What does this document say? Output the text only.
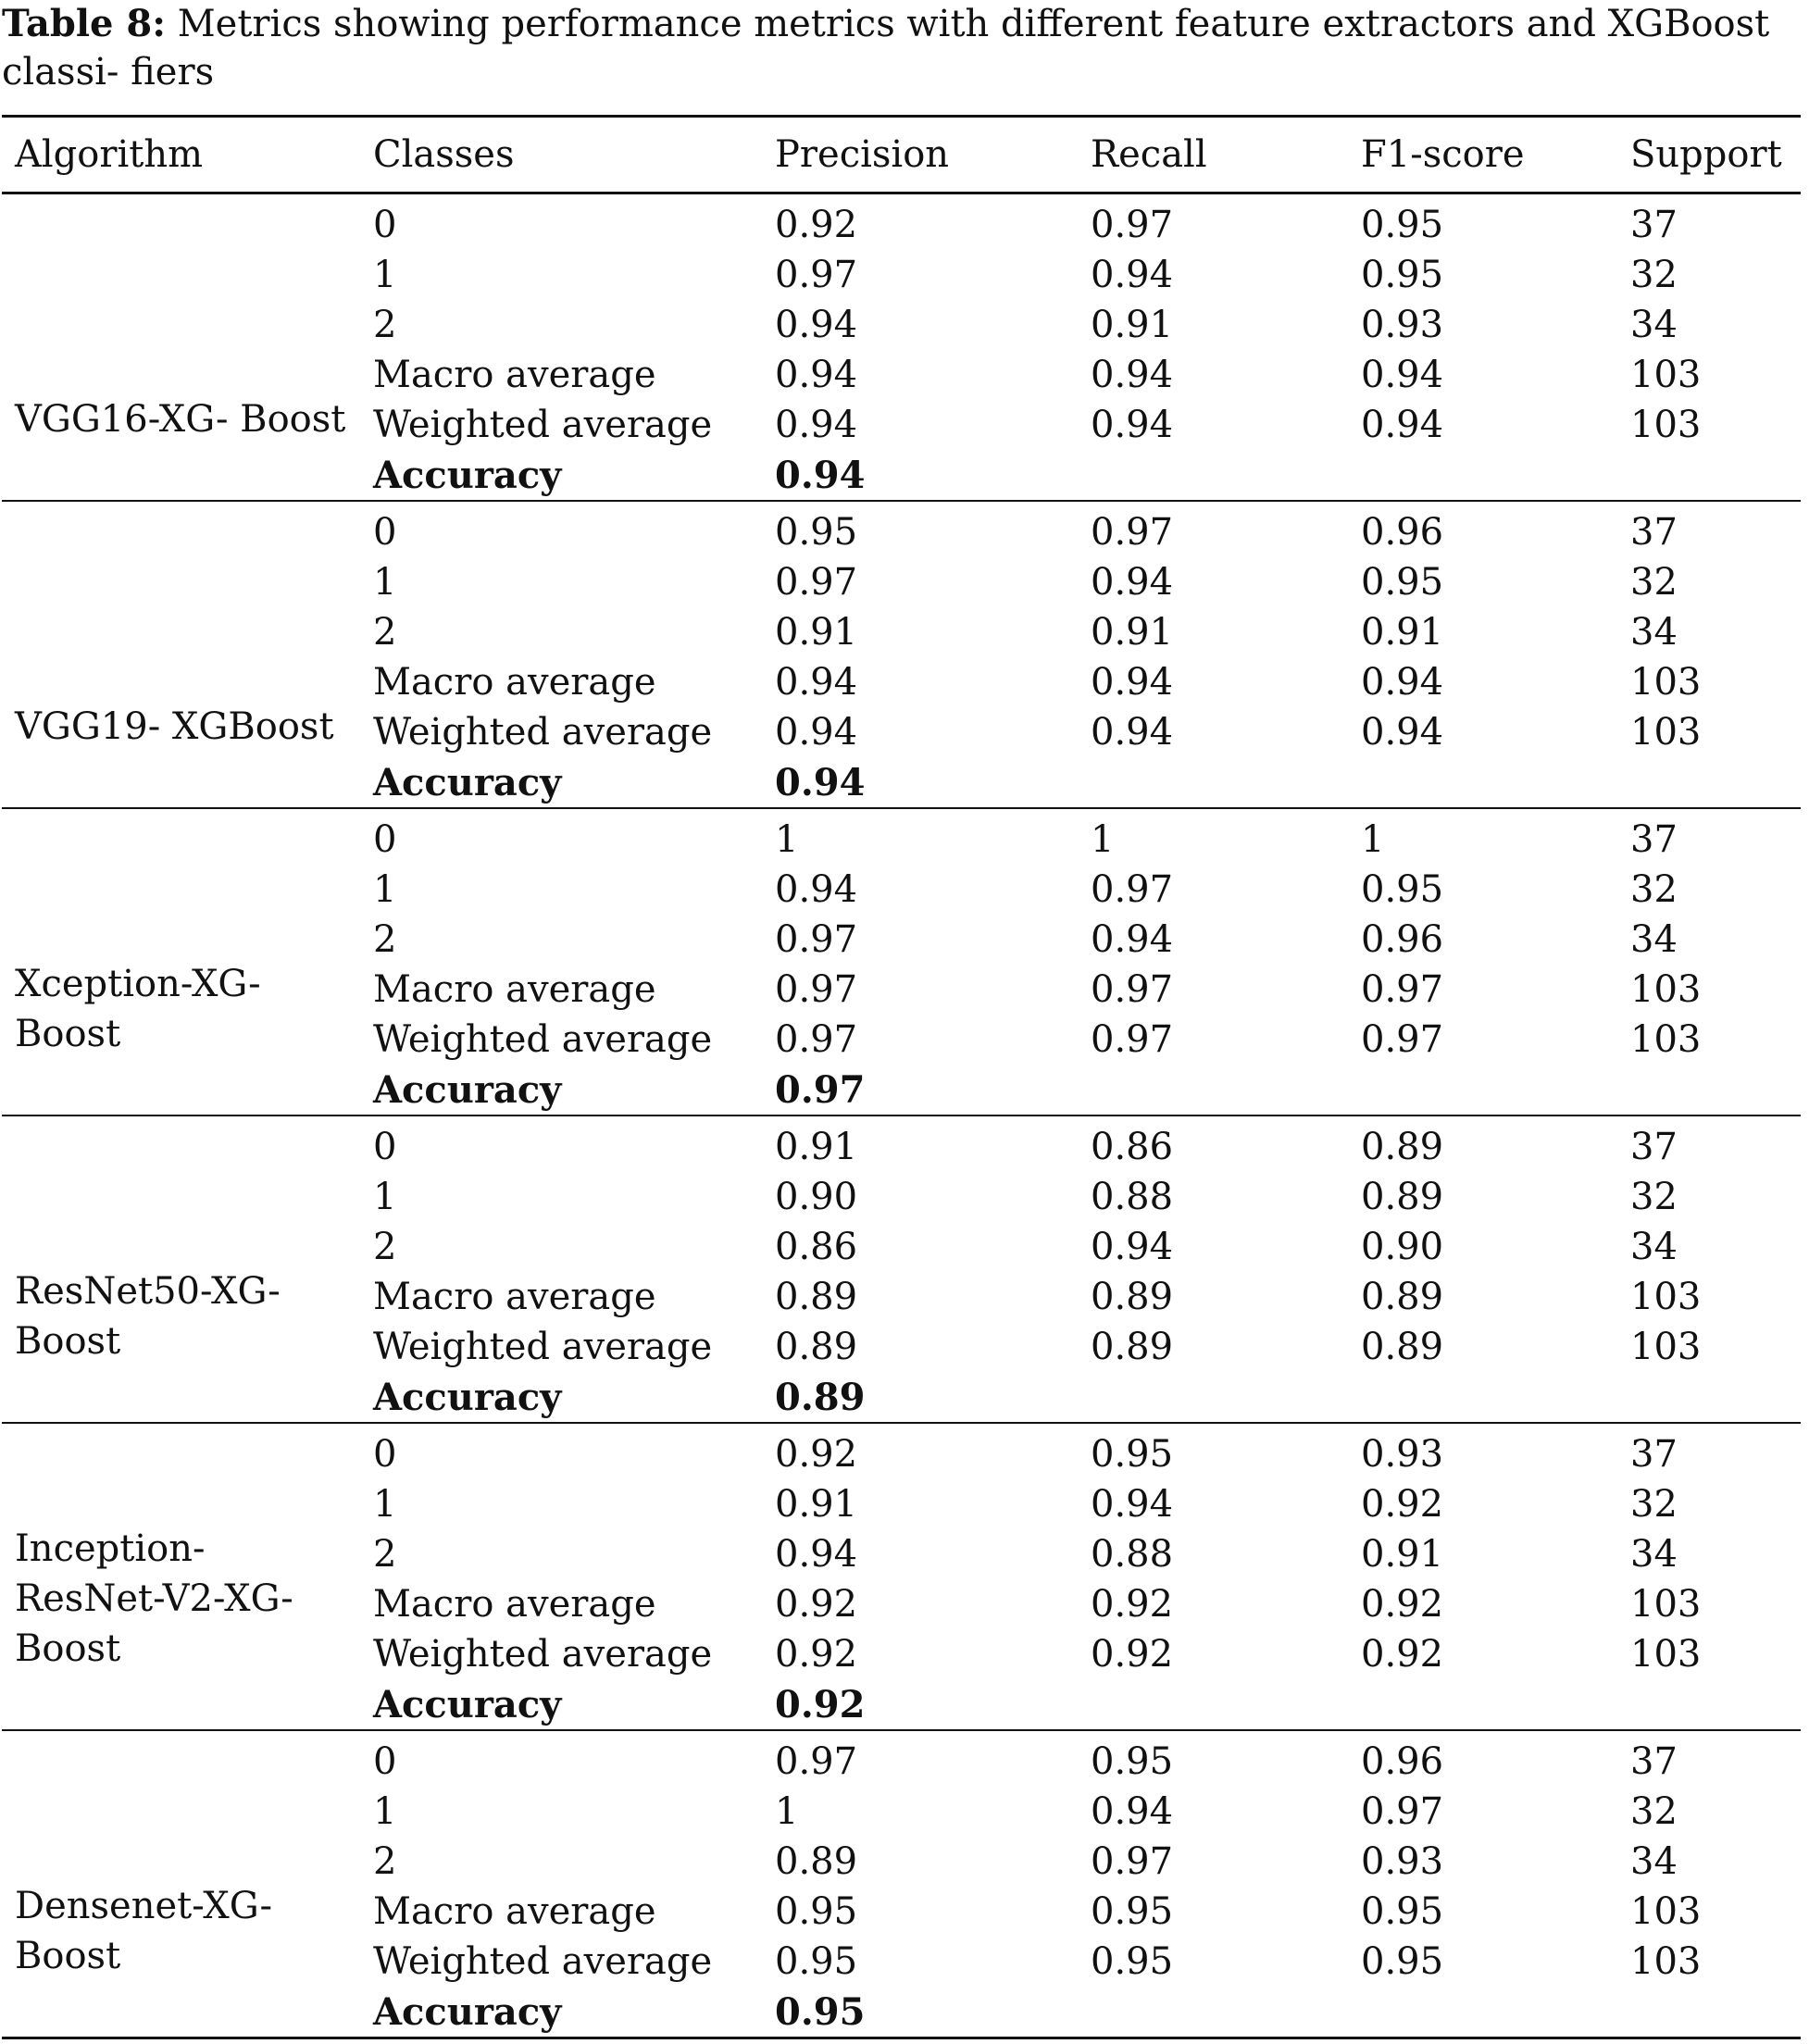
Table 8: Metrics showing performance metrics with different feature extractors and XGBoost classi- fiers
Algorithm	Classes	Precision	Recall	F1-score	Support
VGG16-XG- Boost	0	0.92	0.97	0.95	37
	1	0.97	0.94	0.95	32
	2	0.94	0.91	0.93	34
	Macro average	0.94	0.94	0.94	103
	Weighted average	0.94	0.94	0.94	103
	Accuracy	0.94			
VGG19- XGBoost	0	0.95	0.97	0.96	37
	1	0.97	0.94	0.95	32
	2	0.91	0.91	0.91	34
	Macro average	0.94	0.94	0.94	103
	Weighted average	0.94	0.94	0.94	103
	Accuracy	0.94			
Xception-XG- Boost	0	1	1	1	37
	1	0.94	0.97	0.95	32
	2	0.97	0.94	0.96	34
	Macro average	0.97	0.97	0.97	103
	Weighted average	0.97	0.97	0.97	103
	Accuracy	0.97			
ResNet50-XG- Boost	0	0.91	0.86	0.89	37
	1	0.90	0.88	0.89	32
	2	0.86	0.94	0.90	34
	Macro average	0.89	0.89	0.89	103
	Weighted average	0.89	0.89	0.89	103
	Accuracy	0.89			
Inception- ResNet-V2-XG- Boost	0	0.92	0.95	0.93	37
	1	0.91	0.94	0.92	32
	2	0.94	0.88	0.91	34
	Macro average	0.92	0.92	0.92	103
	Weighted average	0.92	0.92	0.92	103
	Accuracy	0.92			
Densenet-XG- Boost	0	0.97	0.95	0.96	37
	1	1	0.94	0.97	32
	2	0.89	0.97	0.93	34
	Macro average	0.95	0.95	0.95	103
	Weighted average	0.95	0.95	0.95	103
	Accuracy	0.95			
